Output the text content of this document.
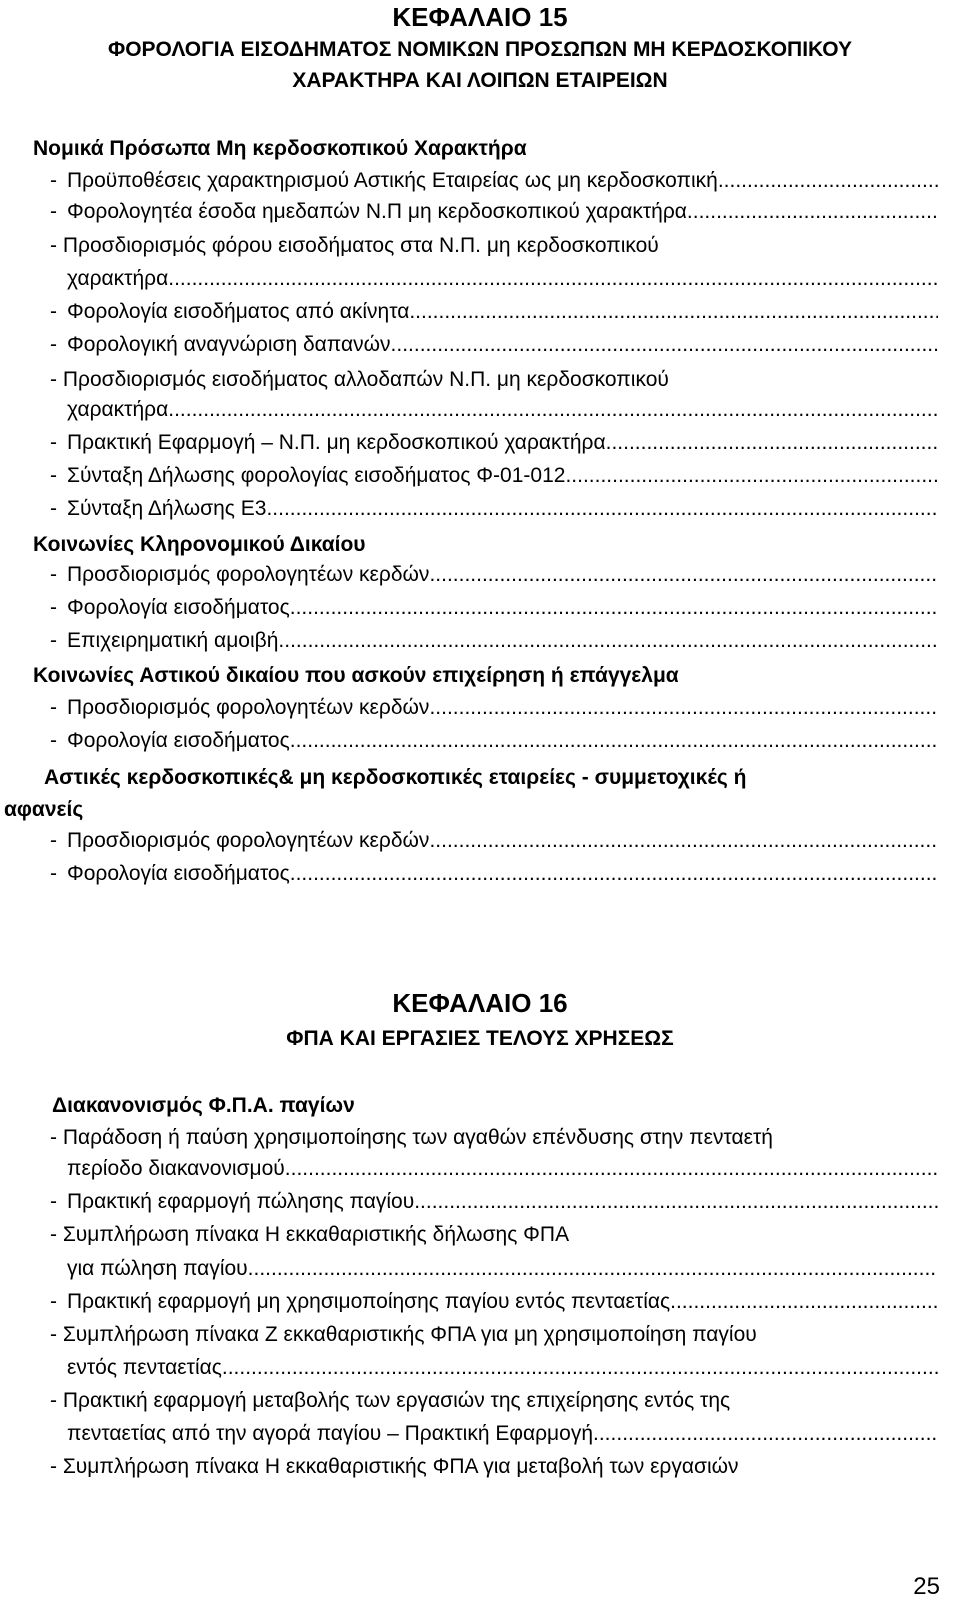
ΚΕΦΑΛΑΙΟ 15
ΦΟΡΟΛΟΓΙΑ ΕΙΣΟΔΗΜΑΤΟΣ ΝΟΜΙΚΩΝ ΠΡΟΣΩΠΩΝ ΜΗ ΚΕΡΔΟΣΚΟΠΙΚΟΥ
ΧΑΡΑΚΤΗΡΑ ΚΑΙ ΛΟΙΠΩΝ ΕΤΑΙΡΕΙΩΝ
Νομικά Πρόσωπα Μη κερδοσκοπικού Χαρακτήρα
- Προϋποθέσεις χαρακτηρισμού Αστικής Εταιρείας ως μη κερδοσκοπική
.....
- Φορολογητέα έσοδα ημεδαπών Ν.Π μη κερδοσκοπικού χαρακτήρα
.....
- Προσδιορισμός φόρου εισοδήματος στα Ν.Π. μη κερδοσκοπικού
χαρακτήρα
.....
- Φορολογία εισοδήματος από ακίνητα
.....
- Φορολογική αναγνώριση δαπανών
.....
- Προσδιορισμός εισοδήματος αλλοδαπών Ν.Π. μη κερδοσκοπικού
χαρακτήρα
.....
- Πρακτική Εφαρμογή – Ν.Π. μη κερδοσκοπικού χαρακτήρα
.....
- Σύνταξη Δήλωσης φορολογίας εισοδήματος Φ-01-012
.....
- Σύνταξη Δήλωσης Ε3
.....
Κοινωνίες Κληρονομικού Δικαίου
- Προσδιορισμός φορολογητέων κερδών
.....
- Φορολογία εισοδήματος
.....
- Επιχειρηματική αμοιβή
.....
Κοινωνίες Αστικού δικαίου που ασκούν επιχείρηση ή επάγγελμα
- Προσδιορισμός φορολογητέων κερδών
.....
- Φορολογία εισοδήματος
.....
Αστικές κερδοσκοπικές& μη κερδοσκοπικές εταιρείες - συμμετοχικές ή
αφανείς
- Προσδιορισμός φορολογητέων κερδών
.....
- Φορολογία εισοδήματος
.....
ΚΕΦΑΛΑΙΟ 16
ΦΠΑ ΚΑΙ ΕΡΓΑΣΙΕΣ ΤΕΛΟΥΣ ΧΡΗΣΕΩΣ
Διακανονισμός Φ.Π.Α. παγίων
- Παράδοση ή παύση χρησιμοποίησης των αγαθών επένδυσης στην πενταετή
περίοδο διακανονισμού
.....
- Πρακτική εφαρμογή πώλησης παγίου
.....
- Συμπλήρωση πίνακα Η εκκαθαριστικής δήλωσης ΦΠΑ
για πώληση παγίου
.....
- Πρακτική εφαρμογή μη χρησιμοποίησης παγίου εντός πενταετίας
.....
- Συμπλήρωση πίνακα Ζ εκκαθαριστικής ΦΠΑ για μη χρησιμοποίηση παγίου
εντός πενταετίας
.....
- Πρακτική εφαρμογή μεταβολής των εργασιών της επιχείρησης εντός της
πενταετίας από την αγορά παγίου – Πρακτική Εφαρμογή
.....
- Συμπλήρωση πίνακα Η εκκαθαριστικής ΦΠΑ για μεταβολή των εργασιών
25
